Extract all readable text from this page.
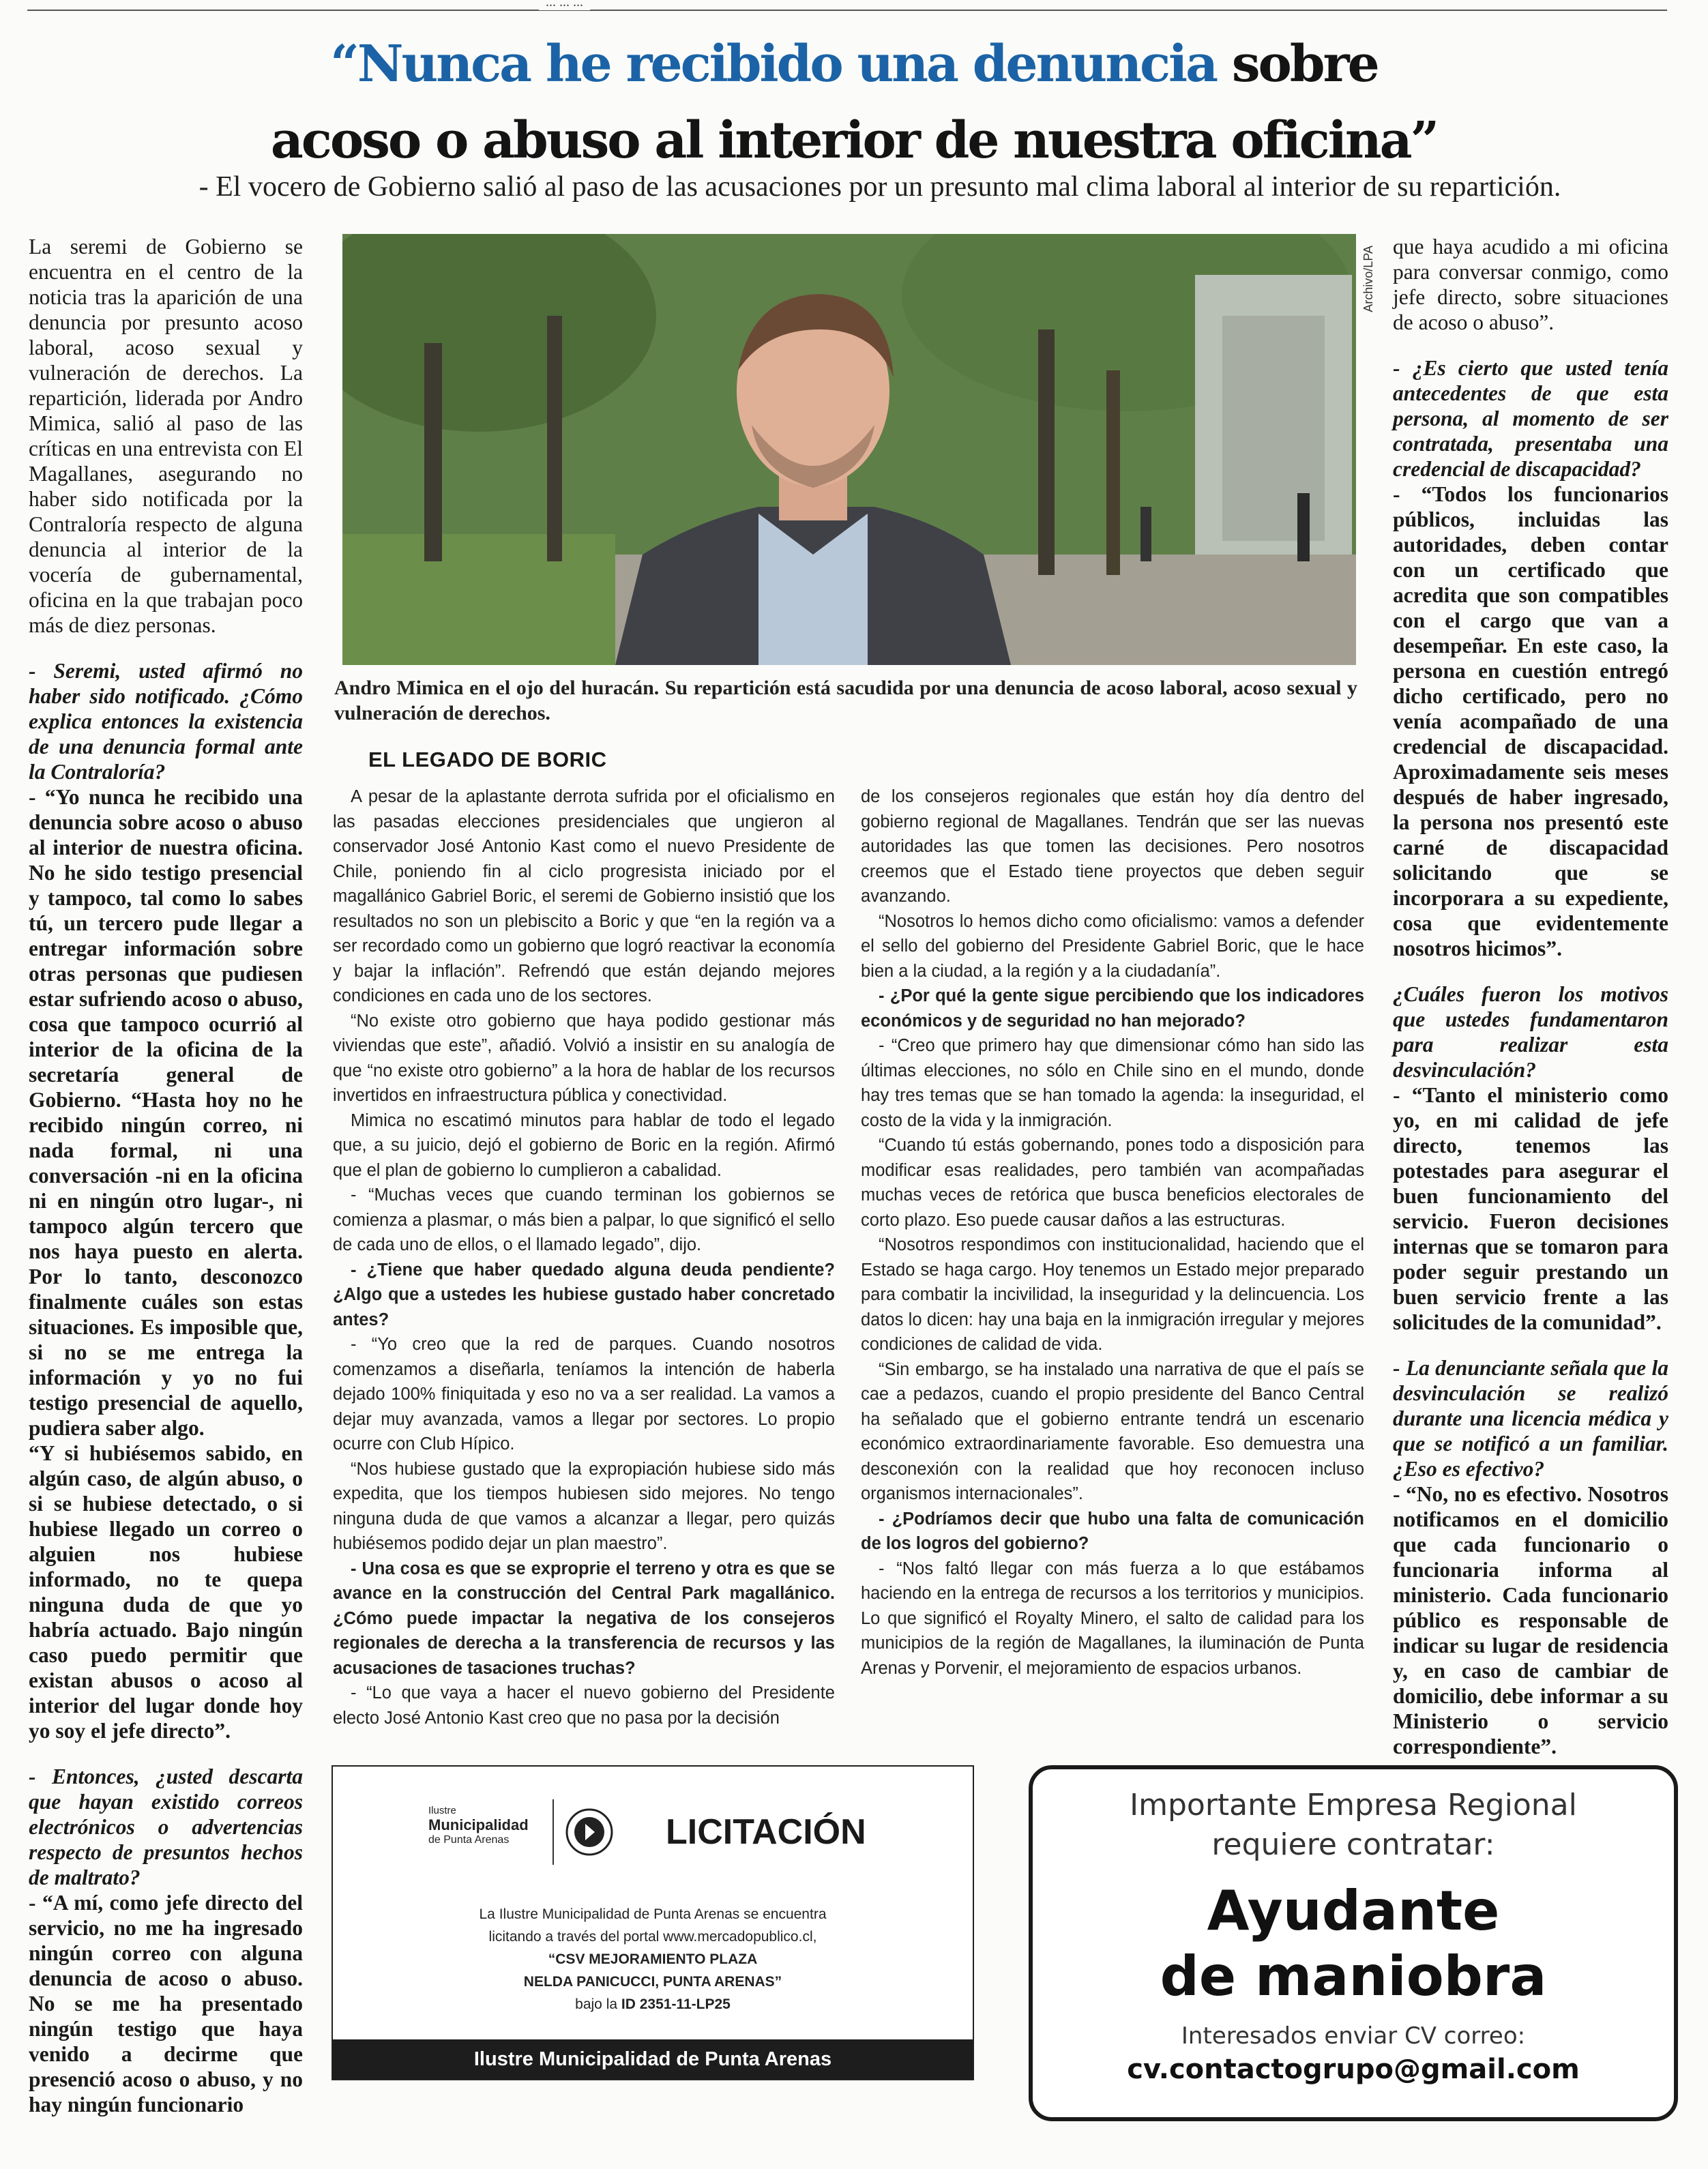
... ... ...
“Nunca he recibido una denuncia sobre
acoso o abuso al interior de nuestra oficina”
- El vocero de Gobierno salió al paso de las acusaciones por un presunto mal clima laboral al interior de su repartición.

La seremi de Gobierno se encuentra en el centro de la noticia tras la aparición de una denuncia por presunto acoso laboral, acoso sexual y vulneración de derechos. La repartición, liderada por Andro Mimica, salió al paso de las críticas en una entrevista con El Magallanes, asegurando no haber sido notificada por la Contraloría respecto de alguna denuncia al interior de la vocería de gubernamental, oficina en la que trabajan poco más de diez personas.

- Seremi, usted afirmó no haber sido notificado. ¿Cómo explica entonces la existencia de una denuncia formal ante la Contraloría?

- “Yo nunca he recibido una denuncia sobre acoso o abuso al interior de nuestra oficina. No he sido testigo presencial y tampoco, tal como lo sabes tú, un tercero pude llegar a entregar información sobre otras personas que pudiesen estar sufriendo acoso o abuso, cosa que tampoco ocurrió al interior de la oficina de la secretaría general de Gobierno. “Hasta hoy no he recibido ningún correo, ni nada formal, ni una conversación -ni en la oficina ni en ningún otro lugar-, ni tampoco algún tercero que nos haya puesto en alerta. Por lo tanto, desconozco finalmente cuáles son estas situaciones. Es imposible que, si no se me entrega la información y yo no fui testigo presencial de aquello, pudiera saber algo.

“Y si hubiésemos sabido, en algún caso, de algún abuso, o si se hubiese detectado, o si hubiese llegado un correo o alguien nos hubiese informado, no te quepa ninguna duda de que yo habría actuado. Bajo ningún caso puedo permitir que existan abusos o acoso al interior del lugar donde hoy yo soy el jefe directo”.

- Entonces, ¿usted descarta que hayan existido correos electrónicos o advertencias respecto de presuntos hechos de maltrato?

- “A mí, como jefe directo del servicio, no me ha ingresado ningún correo con alguna denuncia de acoso o abuso. No se me ha presentado ningún testigo que haya venido a decirme que presenció acoso o abuso, y no hay ningún funcionario

Archivo/LPA
Andro Mimica en el ojo del huracán. Su repartición está sacudida por una denuncia de acoso laboral, acoso sexual y vulneración de derechos.
EL LEGADO DE BORIC

A pesar de la aplastante derrota sufrida por el oficialismo en las pasadas elecciones presidenciales que ungieron al conservador José Antonio Kast como el nuevo Presidente de Chile, poniendo fin al ciclo progresista iniciado por el magallánico Gabriel Boric, el seremi de Gobierno insistió que los resultados no son un plebiscito a Boric y que “en la región va a ser recordado como un gobierno que logró reactivar la economía y bajar la inflación”. Refrendó que están dejando mejores condiciones en cada uno de los sectores.

“No existe otro gobierno que haya podido gestionar más viviendas que este”, añadió. Volvió a insistir en su analogía de que “no existe otro gobierno” a la hora de hablar de los recursos invertidos en infraestructura pública y conectividad.

Mimica no escatimó minutos para hablar de todo el legado que, a su juicio, dejó el gobierno de Boric en la región. Afirmó que el plan de gobierno lo cumplieron a cabalidad.

- “Muchas veces que cuando terminan los gobiernos se comienza a plasmar, o más bien a palpar, lo que significó el sello de cada uno de ellos, o el llamado legado”, dijo.

- ¿Tiene que haber quedado alguna deuda pendiente? ¿Algo que a ustedes les hubiese gustado haber concretado antes?

- “Yo creo que la red de parques. Cuando nosotros comenzamos a diseñarla, teníamos la intención de haberla dejado 100% finiquitada y eso no va a ser realidad. La vamos a dejar muy avanzada, vamos a llegar por sectores. Lo propio ocurre con Club Hípico.

“Nos hubiese gustado que la expropiación hubiese sido más expedita, que los tiempos hubiesen sido mejores. No tengo ninguna duda de que vamos a alcanzar a llegar, pero quizás hubiésemos podido dejar un plan maestro”.

- Una cosa es que se exproprie el terreno y otra es que se avance en la construcción del Central Park magallánico. ¿Cómo puede impactar la negativa de los consejeros regionales de derecha a la transferencia de recursos y las acusaciones de tasaciones truchas?

- “Lo que vaya a hacer el nuevo gobierno del Presidente electo José Antonio Kast creo que no pasa por la decisión

de los consejeros regionales que están hoy día dentro del gobierno regional de Magallanes. Tendrán que ser las nuevas autoridades las que tomen las decisiones. Pero nosotros creemos que el Estado tiene proyectos que deben seguir avanzando.

“Nosotros lo hemos dicho como oficialismo: vamos a defender el sello del gobierno del Presidente Gabriel Boric, que le hace bien a la ciudad, a la región y a la ciudadanía”.

- ¿Por qué la gente sigue percibiendo que los indicadores económicos y de seguridad no han mejorado?

- “Creo que primero hay que dimensionar cómo han sido las últimas elecciones, no sólo en Chile sino en el mundo, donde hay tres temas que se han tomado la agenda: la inseguridad, el costo de la vida y la inmigración.

“Cuando tú estás gobernando, pones todo a disposición para modificar esas realidades, pero también van acompañadas muchas veces de retórica que busca beneficios electorales de corto plazo. Eso puede causar daños a las estructuras.

“Nosotros respondimos con institucionalidad, haciendo que el Estado se haga cargo. Hoy tenemos un Estado mejor preparado para combatir la incivilidad, la inseguridad y la delincuencia. Los datos lo dicen: hay una baja en la inmigración irregular y mejores condiciones de calidad de vida.

“Sin embargo, se ha instalado una narrativa de que el país se cae a pedazos, cuando el propio presidente del Banco Central ha señalado que el gobierno entrante tendrá un escenario económico extraordinariamente favorable. Eso demuestra una desconexión con la realidad que hoy reconocen incluso organismos internacionales”.

- ¿Podríamos decir que hubo una falta de comunicación de los logros del gobierno?

- “Nos faltó llegar con más fuerza a lo que estábamos haciendo en la entrega de recursos a los territorios y municipios. Lo que significó el Royalty Minero, el salto de calidad para los municipios de la región de Magallanes, la iluminación de Punta Arenas y Porvenir, el mejoramiento de espacios urbanos.

que haya acudido a mi oficina para conversar conmigo, como jefe directo, sobre situaciones de acoso o abuso”.

- ¿Es cierto que usted tenía antecedentes de que esta persona, al momento de ser contratada, presentaba una credencial de discapacidad?

- “Todos los funcionarios públicos, incluidas las autoridades, deben contar con un certificado que acredita que son compatibles con el cargo que van a desempeñar. En este caso, la persona en cuestión entregó dicho certificado, pero no venía acompañado de una credencial de discapacidad. Aproximadamente seis meses después de haber ingresado, la persona nos presentó este carné de discapacidad solicitando que se incorporara a su expediente, cosa que evidentemente nosotros hicimos”.

¿Cuáles fueron los motivos que ustedes fundamentaron para realizar esta desvinculación?

- “Tanto el ministerio como yo, en mi calidad de jefe directo, tenemos las potestades para asegurar el buen funcionamiento del servicio. Fueron decisiones internas que se tomaron para poder seguir prestando un buen servicio frente a las solicitudes de la comunidad”.

- La denunciante señala que la desvinculación se realizó durante una licencia médica y que se notificó a un familiar. ¿Eso es efectivo?

- “No, no es efectivo. Nosotros notificamos en el domicilio que cada funcionario o funcionaria informa al ministerio. Cada funcionario público es responsable de indicar su lugar de residencia y, en caso de cambiar de domicilio, debe informar a su Ministerio o servicio correspondiente”.

Ilustre
Municipalidad
de Punta Arenas	LICITACIÓN
La Ilustre Municipalidad de Punta Arenas se encuentra
licitando a través del portal www.mercadopublico.cl,
“CSV MEJORAMIENTO PLAZA
NELDA PANICUCCI, PUNTA ARENAS”
bajo la ID 2351-11-LP25
Ilustre Municipalidad de Punta Arenas
Importante Empresa Regional
requiere contratar:
Ayudante
de maniobra
Interesados enviar CV correo:
cv.contactogrupo@gmail.com
